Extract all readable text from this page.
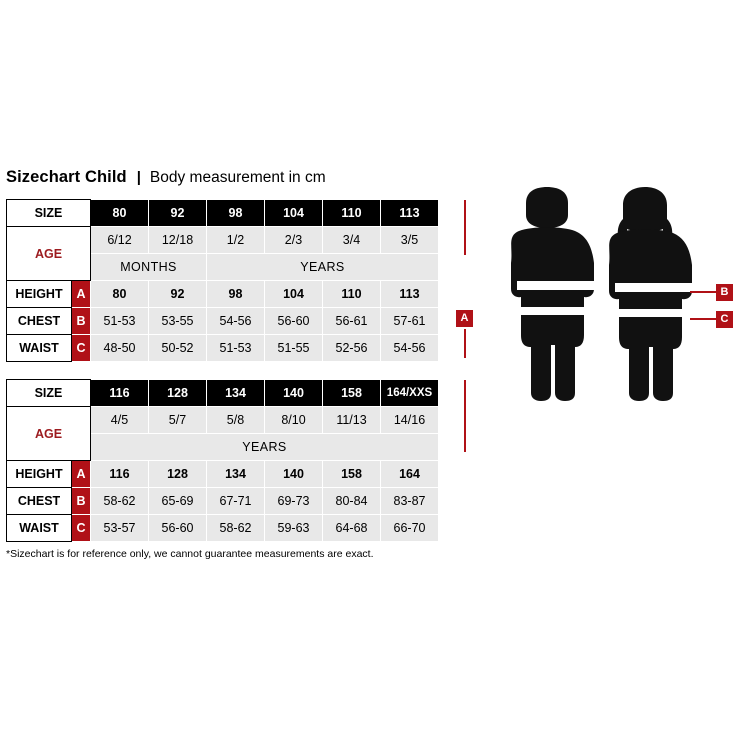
Sizechart Child | Body measurement in cm
SIZE		80	92	98	104	110	113
AGE		6/12	12/18	1/2	2/3	3/4	3/5
		MONTHS		YEARS			
HEIGHT	A	80	92	98	104	110	113
CHEST	B	51-53	53-55	54-56	56-60	56-61	57-61
WAIST	C	48-50	50-52	51-53	51-55	52-56	54-56
SIZE		116	128	134	140	158	164/XXS
AGE		4/5	5/7	5/8	8/10	11/13	14/16
		YEARS					
HEIGHT	A	116	128	134	140	158	164
CHEST	B	58-62	65-69	67-71	69-73	80-84	83-87
WAIST	C	53-57	56-60	58-62	59-63	64-68	66-70
*Sizechart is for reference only, we cannot guarantee measurements are exact.
A
B
C
